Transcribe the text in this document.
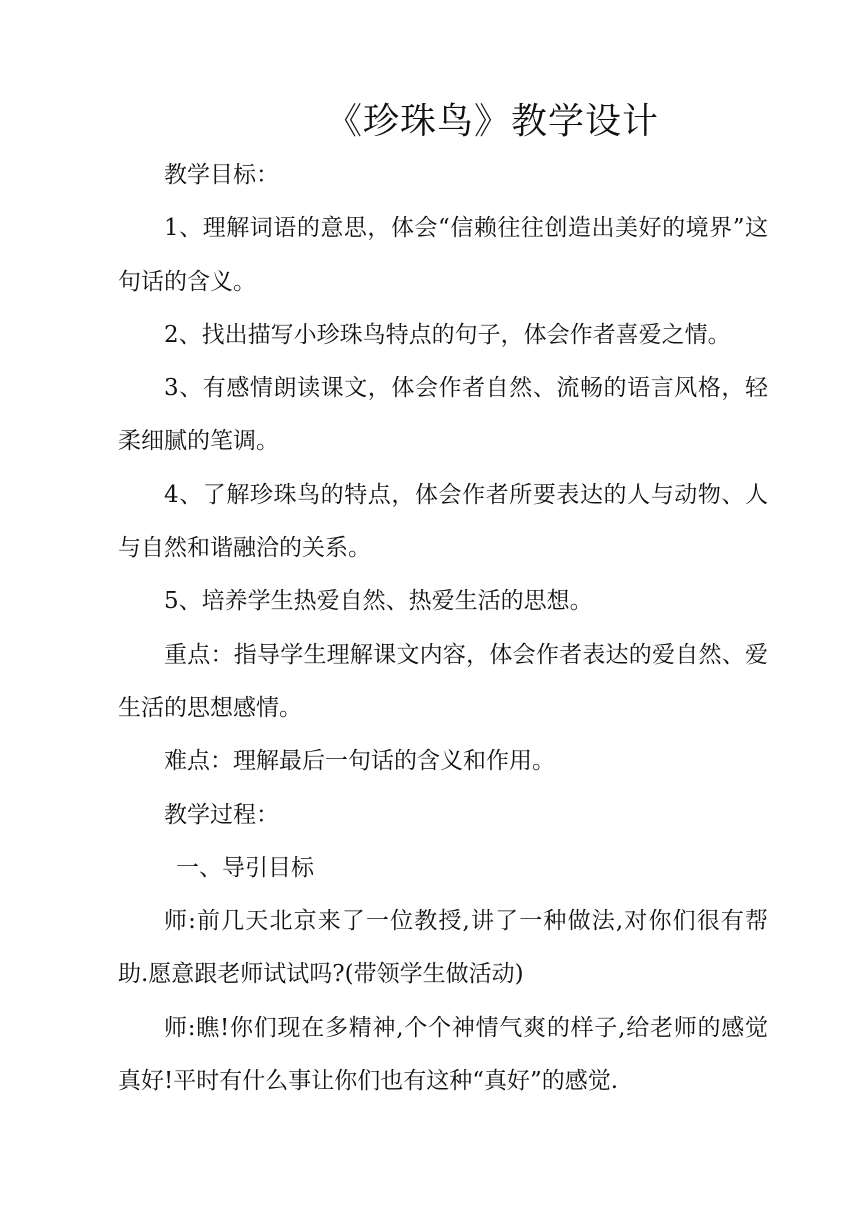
《珍珠鸟》教学设计

教学目标：

1、理解词语的意思，体会“信赖往往创造出美好的境界”这句话的含义。

2、找出描写小珍珠鸟特点的句子，体会作者喜爱之情。

3、有感情朗读课文，体会作者自然、流畅的语言风格，轻柔细腻的笔调。

4、了解珍珠鸟的特点，体会作者所要表达的人与动物、人与自然和谐融洽的关系。

5、培养学生热爱自然、热爱生活的思想。

重点：指导学生理解课文内容，体会作者表达的爱自然、爱生活的思想感情。

难点：理解最后一句话的含义和作用。

教学过程：

一、导引目标

师:前几天北京来了一位教授,讲了一种做法,对你们很有帮助.愿意跟老师试试吗?(带领学生做活动)

师:瞧!你们现在多精神,个个神情气爽的样子,给老师的感觉真好!平时有什么事让你们也有这种“真好”的感觉.
